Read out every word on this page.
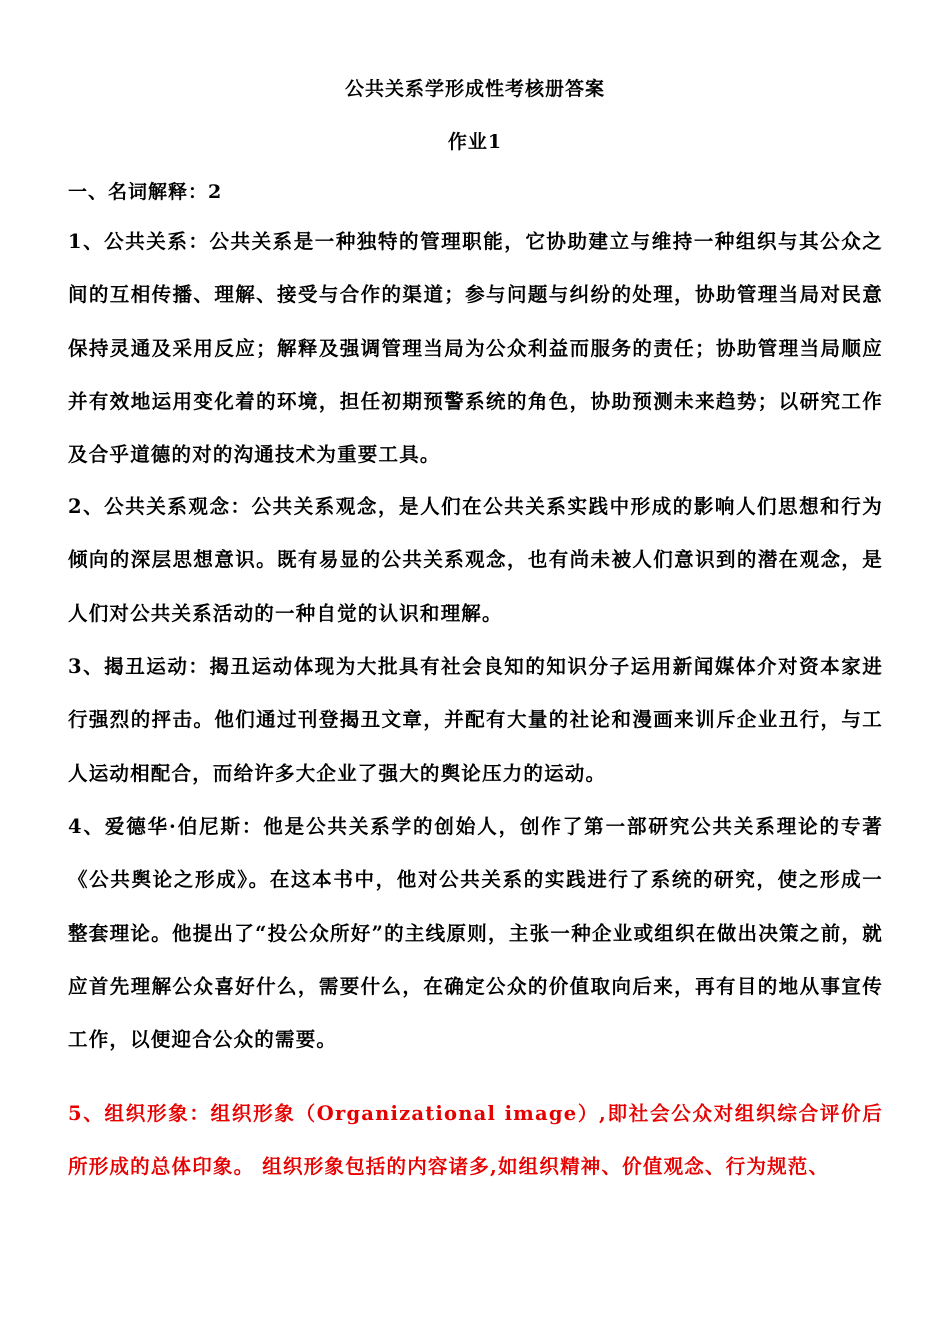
公共关系学形成性考核册答案
作业1
一、名词解释：2

1、公共关系：公共关系是一种独特的管理职能，它协助建立与维持一种组织与其公众之间的互相传播、理解、接受与合作的渠道；参与问题与纠纷的处理，协助管理当局对民意保持灵通及采用反应；解释及强调管理当局为公众利益而服务的责任；协助管理当局顺应并有效地运用变化着的环境，担任初期预警系统的角色，协助预测未来趋势；以研究工作及合乎道德的对的沟通技术为重要工具。

2、公共关系观念：公共关系观念，是人们在公共关系实践中形成的影响人们思想和行为倾向的深层思想意识。既有易显的公共关系观念，也有尚未被人们意识到的潜在观念，是人们对公共关系活动的一种自觉的认识和理解。

3、揭丑运动：揭丑运动体现为大批具有社会良知的知识分子运用新闻媒体介对资本家进行强烈的抨击。他们通过刊登揭丑文章，并配有大量的社论和漫画来训斥企业丑行，与工人运动相配合，而给许多大企业了强大的舆论压力的运动。

4、爱德华·伯尼斯：他是公共关系学的创始人，创作了第一部研究公共关系理论的专著《公共舆论之形成》。在这本书中，他对公共关系的实践进行了系统的研究，使之形成一整套理论。他提出了“投公众所好”的主线原则，主张一种企业或组织在做出决策之前，就应首先理解公众喜好什么，需要什么，在确定公众的价值取向后来，再有目的地从事宣传工作，以便迎合公众的需要。

5、组织形象：组织形象（Organizational image）,即社会公众对组织综合评价后所形成的总体印象。 组织形象包括的内容诸多,如组织精神、价值观念、行为规范、
